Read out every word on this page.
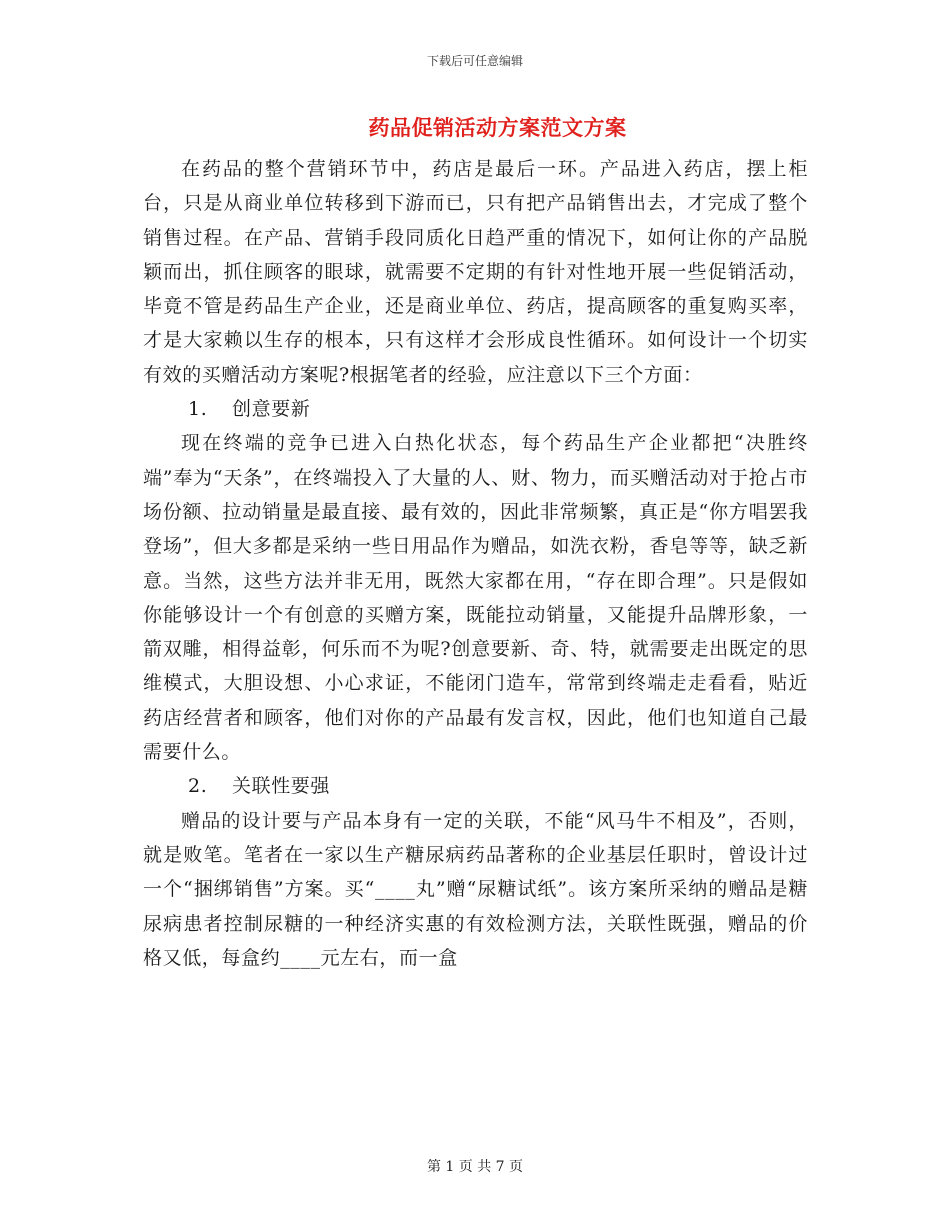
下载后可任意编辑
药品促销活动方案范文方案

在药品的整个营销环节中，药店是最后一环。产品进入药店，摆上柜台，只是从商业单位转移到下游而已，只有把产品销售出去，才完成了整个销售过程。在产品、营销手段同质化日趋严重的情况下，如何让你的产品脱颖而出，抓住顾客的眼球，就需要不定期的有针对性地开展一些促销活动，毕竟不管是药品生产企业，还是商业单位、药店，提高顾客的重复购买率，才是大家赖以生存的根本，只有这样才会形成良性循环。如何设计一个切实有效的买赠活动方案呢?根据笔者的经验，应注意以下三个方面：

1. 创意要新

现在终端的竞争已进入白热化状态，每个药品生产企业都把“决胜终端”奉为“天条”，在终端投入了大量的人、财、物力，而买赠活动对于抢占市场份额、拉动销量是最直接、最有效的，因此非常频繁，真正是“你方唱罢我登场”，但大多都是采纳一些日用品作为赠品，如洗衣粉，香皂等等，缺乏新意。当然，这些方法并非无用，既然大家都在用，“存在即合理”。只是假如你能够设计一个有创意的买赠方案，既能拉动销量，又能提升品牌形象，一箭双雕，相得益彰，何乐而不为呢?创意要新、奇、特，就需要走出既定的思维模式，大胆设想、小心求证，不能闭门造车，常常到终端走走看看，贴近药店经营者和顾客，他们对你的产品最有发言权，因此，他们也知道自己最需要什么。

2. 关联性要强

赠品的设计要与产品本身有一定的关联，不能“风马牛不相及”，否则，就是败笔。笔者在一家以生产糖尿病药品著称的企业基层任职时，曾设计过一个“捆绑销售”方案。买“____丸”赠“尿糖试纸”。该方案所采纳的赠品是糖尿病患者控制尿糖的一种经济实惠的有效检测方法，关联性既强，赠品的价格又低，每盒约____元左右，而一盒

第 1 页 共 7 页
